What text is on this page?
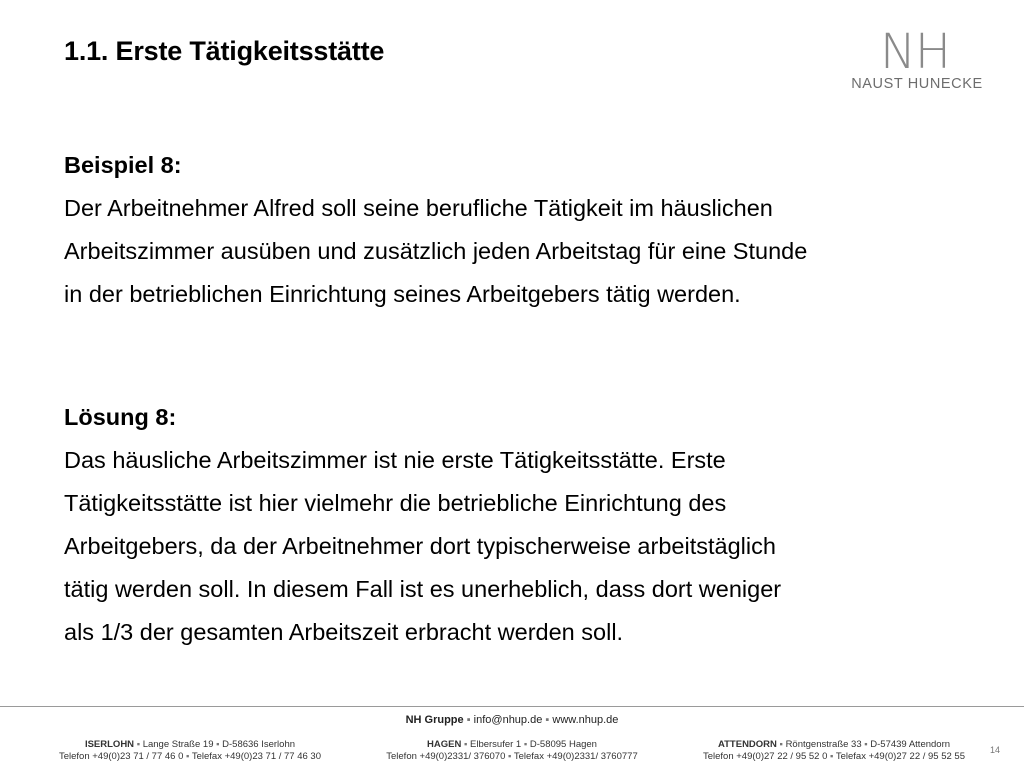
1.1. Erste Tätigkeitsstätte	NH
NAUST HUNECKE

Beispiel 8:

Der Arbeitnehmer Alfred soll seine berufliche Tätigkeit im häuslichen

Arbeitszimmer ausüben und zusätzlich jeden Arbeitstag für eine Stunde

in der betrieblichen Einrichtung seines Arbeitgebers tätig werden.

Lösung 8:

Das häusliche Arbeitszimmer ist nie erste Tätigkeitsstätte. Erste

Tätigkeitsstätte ist hier vielmehr die betriebliche Einrichtung des

Arbeitgebers, da der Arbeitnehmer dort typischerweise arbeitstäglich

tätig werden soll. In diesem Fall ist es unerheblich, dass dort weniger

als 1/3 der gesamten Arbeitszeit erbracht werden soll.

NH Gruppe ▪ info@nhup.de ▪ www.nhup.de
ISERLOHN ▪ Lange Straße 19 ▪ D-58636 Iserlohn
Telefon +49(0)23 71 / 77 46 0 ▪ Telefax +49(0)23 71 / 77 46 30
HAGEN ▪ Elbersufer 1 ▪ D-58095 Hagen
Telefon +49(0)2331/ 376070 ▪ Telefax +49(0)2331/ 3760777
ATTENDORN ▪ Röntgenstraße 33 ▪ D-57439 Attendorn
Telefon +49(0)27 22 / 95 52 0 ▪ Telefax +49(0)27 22 / 95 52 55
14
